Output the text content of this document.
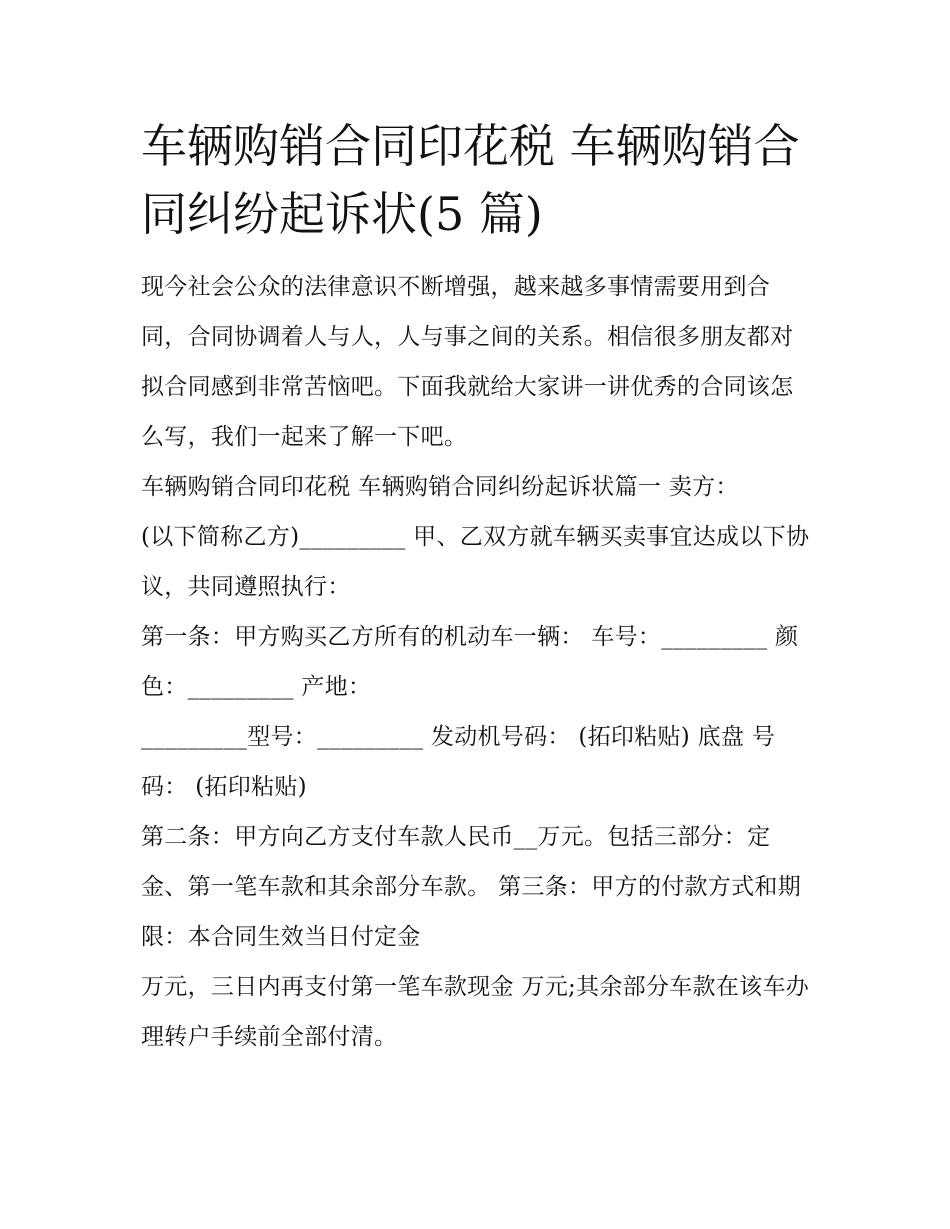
车辆购销合同印花税 车辆购销合同纠纷起诉状(5 篇)

现今社会公众的法律意识不断增强，越来越多事情需要用到合同，合同协调着人与人，人与事之间的关系。相信很多朋友都对拟合同感到非常苦恼吧。下面我就给大家讲一讲优秀的合同该怎么写，我们一起来了解一下吧。

车辆购销合同印花税 车辆购销合同纠纷起诉状篇一 卖方：

(以下简称乙方)_________ 甲、乙双方就车辆买卖事宜达成以下协议，共同遵照执行：

第一条：甲方购买乙方所有的机动车一辆： 车号：_________ 颜色：_________ 产地：

_________型号：_________ 发动机号码： (拓印粘贴) 底盘 号码： (拓印粘贴)

第二条：甲方向乙方支付车款人民币__万元。包括三部分：定金、第一笔车款和其余部分车款。 第三条：甲方的付款方式和期限：本合同生效当日付定金

万元，三日内再支付第一笔车款现金 万元;其余部分车款在该车办理转户手续前全部付清。
